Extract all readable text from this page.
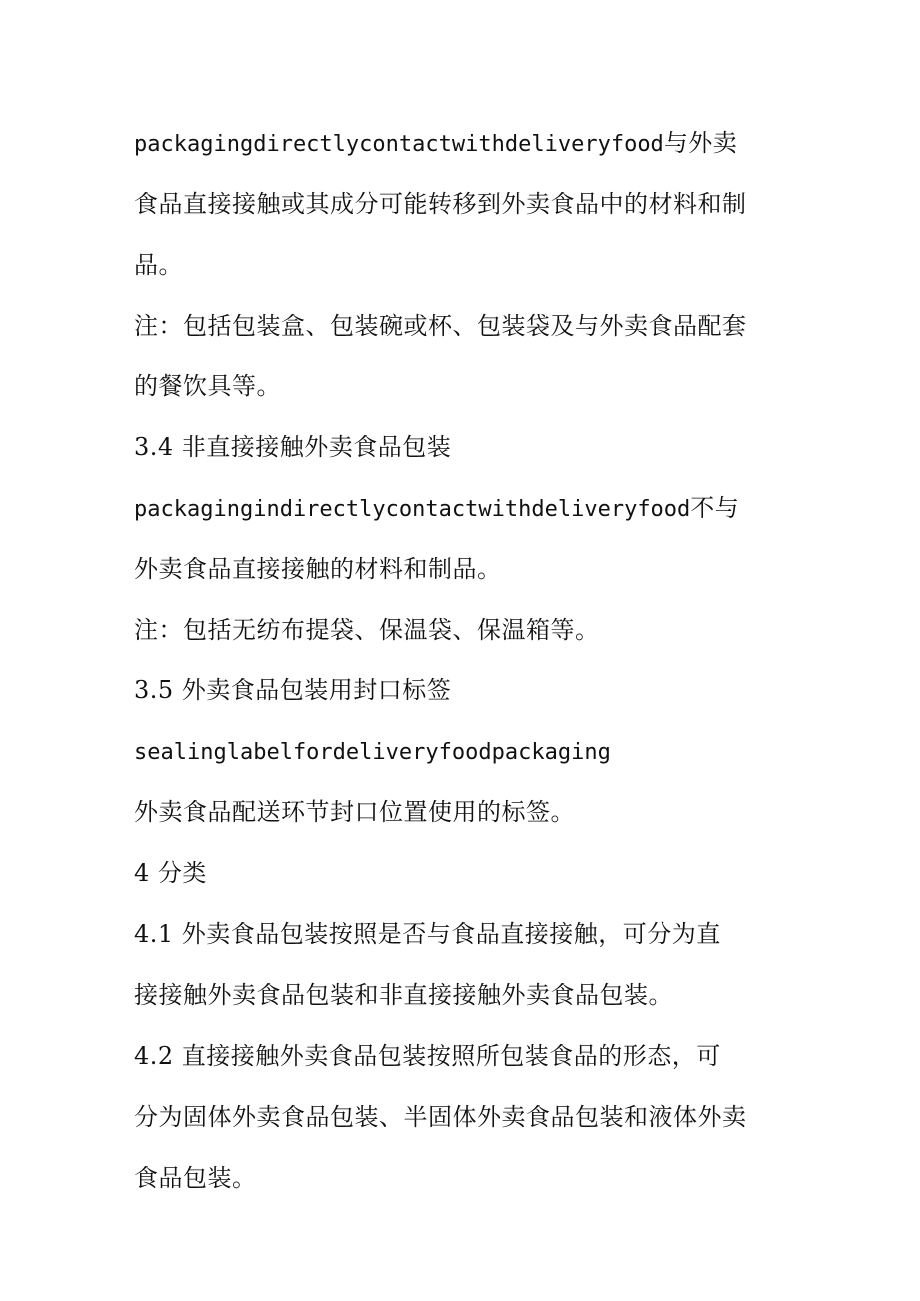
packagingdirectlycontactwithdeliveryfood与外卖
食品直接接触或其成分可能转移到外卖食品中的材料和制
品。
注：包括包装盒、包装碗或杯、包装袋及与外卖食品配套
的餐饮具等。
3.4 非直接接触外卖食品包装
packagingindirectlycontactwithdeliveryfood不与
外卖食品直接接触的材料和制品。
注：包括无纺布提袋、保温袋、保温箱等。
3.5 外卖食品包装用封口标签
sealinglabelfordeliveryfoodpackaging
外卖食品配送环节封口位置使用的标签。
4 分类
4.1 外卖食品包装按照是否与食品直接接触，可分为直
接接触外卖食品包装和非直接接触外卖食品包装。
4.2 直接接触外卖食品包装按照所包装食品的形态，可
分为固体外卖食品包装、半固体外卖食品包装和液体外卖
食品包装。
